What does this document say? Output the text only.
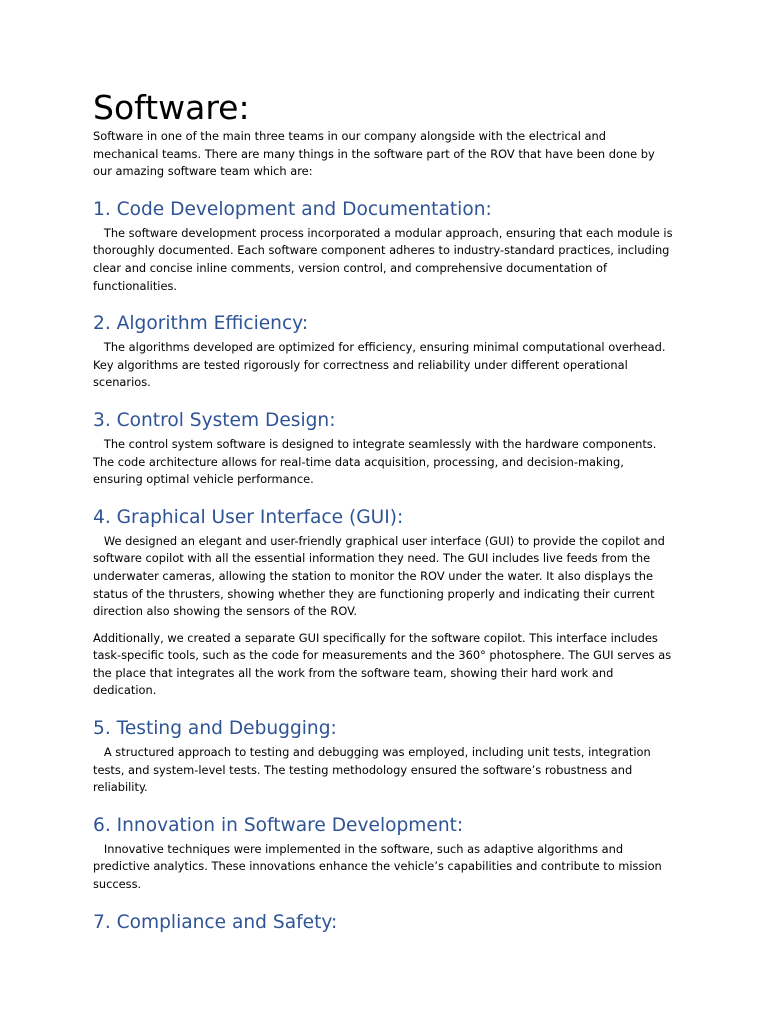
Software:

Software in one of the main three teams in our company alongside with the electrical and mechanical teams. There are many things in the software part of the ROV that have been done by our amazing software team which are:

1. Code Development and Documentation:

The software development process incorporated a modular approach, ensuring that each module is thoroughly documented. Each software component adheres to industry-standard practices, including clear and concise inline comments, version control, and comprehensive documentation of functionalities.

2. Algorithm Efficiency:

The algorithms developed are optimized for efficiency, ensuring minimal computational overhead. Key algorithms are tested rigorously for correctness and reliability under different operational scenarios.

3. Control System Design:

The control system software is designed to integrate seamlessly with the hardware components. The code architecture allows for real-time data acquisition, processing, and decision-making, ensuring optimal vehicle performance.

4. Graphical User Interface (GUI):

We designed an elegant and user-friendly graphical user interface (GUI) to provide the copilot and software copilot with all the essential information they need. The GUI includes live feeds from the underwater cameras, allowing the station to monitor the ROV under the water. It also displays the status of the thrusters, showing whether they are functioning properly and indicating their current direction also showing the sensors of the ROV.

Additionally, we created a separate GUI specifically for the software copilot. This interface includes task-specific tools, such as the code for measurements and the 360° photosphere. The GUI serves as the place that integrates all the work from the software team, showing their hard work and dedication.

5. Testing and Debugging:

A structured approach to testing and debugging was employed, including unit tests, integration tests, and system-level tests. The testing methodology ensured the software’s robustness and reliability.

6. Innovation in Software Development:

Innovative techniques were implemented in the software, such as adaptive algorithms and predictive analytics. These innovations enhance the vehicle’s capabilities and contribute to mission success.

7. Compliance and Safety:
